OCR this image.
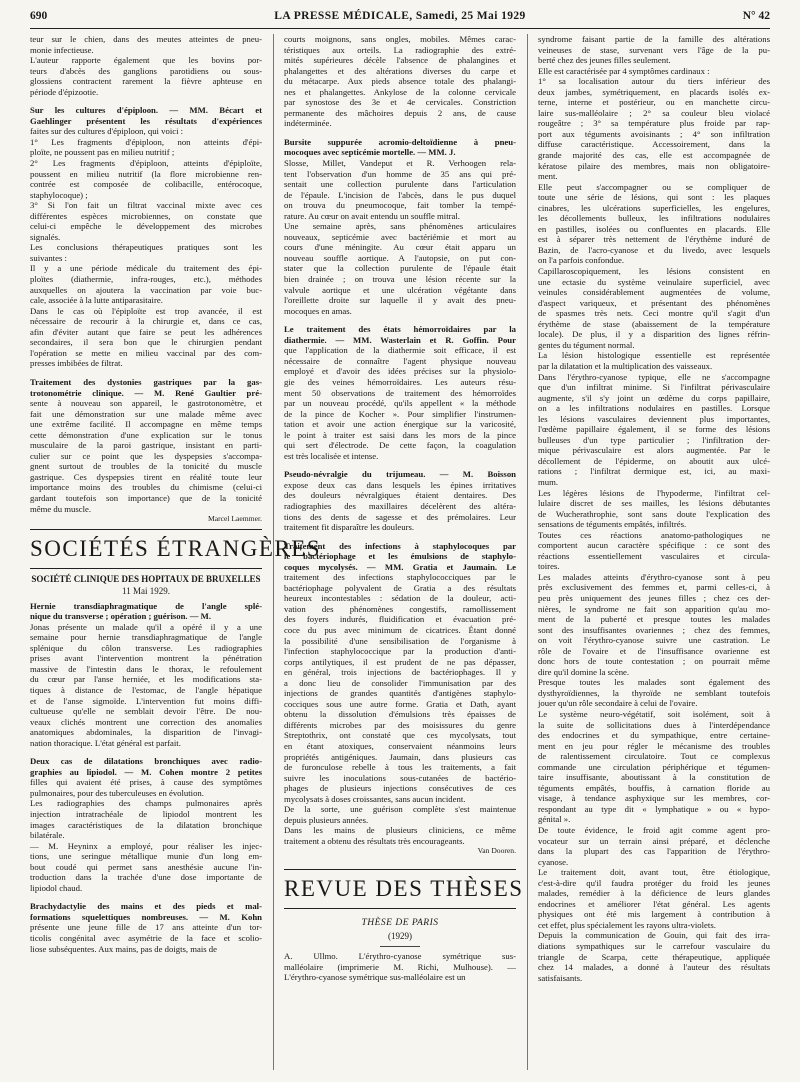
690	LA PRESSE MÉDICALE, Samedi, 25 Mai 1929	N° 42
teur sur le chien, dans des meutes atteintes de pneu-
monie infectieuse.
L'auteur rapporte également que les bovins por-
teurs d'abcès des ganglions parotidiens ou sous-
glossiens contractent rarement la fièvre aphteuse en
période d'épizootie.
Sur les cultures d'épiploon. — MM. Bécart et
Gaehlinger présentent les résultats d'expériences
faites sur des cultures d'épiploon, qui voici :
1° Les fragments d'épiploon, non atteints d'épi-
ploïte, ne poussent pas en milieu nutritif ;
2° Les fragments d'épiploon, atteints d'épiploïte,
poussent en milieu nutritif (la flore microbienne ren-
contrée est composée de colibacille, entérocoque,
staphylocoque) ;
3° Si l'on fait un filtrat vaccinal mixte avec ces
différentes espèces microbiennes, on constate que
celui-ci empêche le développement des microbes
signalés.
Les conclusions thérapeutiques pratiques sont les
suivantes :
Il y a une période médicale du traitement des épi-
ploïtes (diathermie, infra-rouges, etc.), méthodes
auxquelles on ajoutera la vaccination par voie buc-
cale, associée à la lutte antiparasitaire.
Dans le cas où l'épiploïte est trop avancée, il est
nécessaire de recourir à la chirurgie et, dans ce cas,
afin d'éviter autant que faire se peut les adhérences
secondaires, il sera bon que le chirurgien pendant
l'opération se mette en milieu vaccinal par des com-
presses imbibées de filtrat.
Traitement des dystonies gastriques par la gas-
trotonométrie clinique. — M. René Gaultier pré-
sente à nouveau son appareil, le gastrotonomètre, et
fait une démonstration sur une malade même avec
une extrême facilité. Il accompagne en même temps
cette démonstration d'une explication sur le tonus
musculaire de la paroi gastrique, insistant en parti-
culier sur ce point que les dyspepsies s'accompa-
gnent surtout de troubles de la tonicité du muscle
gastrique. Ces dyspepsies tirent en réalité toute leur
importance moins des troubles du chimisme (celui-ci
gardant toutefois son importance) que de la tonicité
même du muscle.
Marcel Laemmer.
SOCIÉTÉS ÉTRANGÈRES
SOCIÉTÉ CLINIQUE DES HOPITAUX DE BRUXELLES
11 Mai 1929.
Hernie transdiaphragmatique de l'angle splé-
nique du transverse ; opération ; guérison. — M.
Jonas présente un malade qu'il a opéré il y a une
semaine pour hernie transdiaphragmatique de l'angle
splénique du côlon transverse. Les radiographies
prises avant l'intervention montrent la pénétration
massive de l'intestin dans le thorax, le refoulement
du cœur par l'anse herniée, et les modifications sta-
tiques à distance de l'estomac, de l'angle hépatique
et de l'anse sigmoïde. L'intervention fut moins diffi-
cultueuse qu'elle ne semblait devoir l'être. De nou-
veaux clichés montrent une correction des anomalies
anatomiques abdominales, la disparition de l'invagi-
nation thoracique. L'état général est parfait.
Deux cas de dilatations bronchiques avec radio-
graphies au lipiodol. — M. Cohen montre 2 petites
filles qui avaient été prises, à cause des symptômes
pulmonaires, pour des tuberculeuses en évolution.
Les radiographies des champs pulmonaires après
injection intratrachéale de lipiodol montrent les
images caractéristiques de la dilatation bronchique
bilatérale.
— M. Heyninx a employé, pour réaliser les injec-
tions, une seringue métallique munie d'un long em-
bout coudé qui permet sans anesthésie aucune l'in-
troduction dans la trachée d'une dose importante de
lipiodol chaud.
Brachydactylie des mains et des pieds et mal-
formations squelettiques nombreuses. — M. Kohn
présente une jeune fille de 17 ans atteinte d'un tor-
ticolis congénital avec asymétrie de la face et scolio-
liose subséquentes. Aux mains, pas de doigts, mais de
courts moignons, sans ongles, mobiles. Mêmes carac-
téristiques aux orteils. La radiographie des extré-
mités supérieures décèle l'absence de phalangines et
phalangettes et des altérations diverses du carpe et
du métacarpe. Aux pieds absence totale des phalangi-
nes et phalangettes. Ankylose de la colonne cervicale
par synostose des 3e et 4e cervicales. Constriction
permanente des mâchoires depuis 2 ans, de cause
indéterminée.
Bursite suppurée acromio-deltoïdienne à pneu-
mocoques avec septicémie mortelle. — MM. J.
Slosse, Millet, Vandeput et R. Verhoogen rela-
tent l'observation d'un homme de 35 ans qui pré-
sentait une collection purulente dans l'articulation
de l'épaule. L'incision de l'abcès, dans le pus duquel
on trouva du pneumocoque, fait tomber la tempé-
rature. Au cœur on avait entendu un souffle mitral.
Une semaine après, sans phénomènes articulaires
nouveaux, septicémie avec bactériémie et mort au
cours d'une méningite. Au cœur était apparu un
nouveau souffle aortique. A l'autopsie, on put con-
stater que la collection purulente de l'épaule était
bien drainée ; on trouva une lésion récente sur la
valvule aortique et une ulcération végétante dans
l'oreillette droite sur laquelle il y avait des pneu-
mocoques en amas.
Le traitement des états hémorroïdaires par la
diathermie. — MM. Wasterlain et R. Goffin. Pour
que l'application de la diathermie soit efficace, il est
nécessaire de connaître l'agent physique nouveau
employé et d'avoir des idées précises sur la physiolo-
gie des veines hémorroïdaires. Les auteurs résu-
ment 50 observations de traitement des hémorroïdes
par un nouveau procédé, qu'ils appellent « la méthode
de la pince de Kocher ». Pour simplifier l'instrumen-
tation et avoir une action énergique sur la varicosité,
le point à traiter est saisi dans les mors de la pince
qui sert d'électrode. De cette façon, la coagulation
est très localisée et intense.
Pseudo-névralgie du trijumeau. — M. Boisson
expose deux cas dans lesquels les épines irritatives
des douleurs névralgiques étaient dentaires. Des
radiographies des maxillaires décelèrent des altéra-
tions des dents de sagesse et des prémolaires. Leur
traitement fit disparaître les douleurs.
Traitement des infections à staphylocoques par
le bactériophage et les émulsions de staphylo-
coques mycolysés. — MM. Gratia et Jaumain. Le
traitement des infections staphylococciques par le
bactériophage polyvalent de Gratia a des résultats
heureux incontestables : sédation de la douleur, acti-
vation des phénomènes congestifs, ramollissement
des foyers indurés, fluidification et évacuation pré-
coce du pus avec minimum de cicatrices. Étant donné
la possibilité d'une sensibilisation de l'organisme à
l'infection staphylococcique par la production d'anti-
corps antilytiques, il est prudent de ne pas dépasser,
en général, trois injections de bactériophages. Il y
a donc lieu de consolider l'immunisation par des
injections de grandes quantités d'antigènes staphylo-
cocciques sous une autre forme. Gratia et Dath, ayant
obtenu la dissolution d'émulsions très épaisses de
différents microbes par des moisissures du genre
Streptothrix, ont constaté que ces mycolysats, tout
en étant atoxiques, conservaient néanmoins leurs
propriétés antigéniques. Jaumain, dans plusieurs cas
de furonculose rebelle à tous les traitements, a fait
suivre les inoculations sous-cutanées de bactério-
phages de plusieurs injections consécutives de ces
mycolysats à doses croissantes, sans aucun incident.
De la sorte, une guérison complète s'est maintenue
depuis plusieurs années.
Dans les mains de plusieurs cliniciens, ce même
traitement a obtenu des résultats très encourageants.
Van Dooren.
REVUE DES THÈSES
THÈSE DE PARIS
(1929)
A. Ullmo. L'érythro-cyanose symétrique sus-
malléolaire (imprimerie M. Richi, Mulhouse). —
L'érythro-cyanose symétrique sus-malléolaire est un
syndrome faisant partie de la famille des altérations
veineuses de stase, survenant vers l'âge de la pu-
berté chez des jeunes filles seulement.
Elle est caractérisée par 4 symptômes cardinaux :
1° sa localisation autour du tiers inférieur des
deux jambes, symétriquement, en placards isolés ex-
terne, interne et postérieur, ou en manchette circu-
laire sus-malléolaire ; 2° sa couleur bleu violacé
rougeâtre ; 3° sa température plus froide par rap-
port aux téguments avoisinants ; 4° son infiltration
diffuse caractéristique. Accessoirement, dans la
grande majorité des cas, elle est accompagnée de
kératose pilaire des membres, mais non obligatoire-
ment.
Elle peut s'accompagner ou se compliquer de
toute une série de lésions, qui sont : les plaques
cinabres, les ulcérations superficielles, les engelures,
les décollements bulleux, les infiltrations nodulaires
en pastilles, isolées ou confluentes en placards. Elle
est à séparer très nettement de l'érythème induré de
Bazin, de l'acro-cyanose et du livedo, avec lesquels
on l'a parfois confondue.
Capillaroscopiquement, les lésions consistent en
une ectasie du système veinulaire superficiel, avec
veinules considérablement augmentées de volume,
d'aspect variqueux, et présentant des phénomènes
de spasmes très nets. Ceci montre qu'il s'agit d'un
érythème de stase (abaissement de la température
locale). De plus, il y a disparition des lignes réfrin-
gentes du tégument normal.
La lésion histologique essentielle est représentée
par la dilatation et la multiplication des vaisseaux.
Dans l'érythro-cyanose typique, elle ne s'accompagne
que d'un infiltrat minime. Si l'infiltrat périvasculaire
augmente, s'il s'y joint un œdème du corps papillaire,
on a les infiltrations nodulaires en pastilles. Lorsque
les lésions vasculaires deviennent plus importantes,
l'œdème papillaire également, il se forme des lésions
bulleuses d'un type particulier ; l'infiltration der-
mique périvasculaire est alors augmentée. Par le
décollement de l'épiderme, on aboutit aux ulcé-
rations ; l'infiltrat dermique est, ici, au maxi-
mum.
Les légères lésions de l'hypoderme, l'infiltrat cel-
lulaire discret de ses mailles, les lésions débutantes
de Wucherathrophie, sont sans doute l'explication des
sensations de téguments empâtés, infiltrés.
Toutes ces réactions anatomo-pathologiques ne
comportent aucun caractère spécifique : ce sont des
réactions essentiellement vasculaires et circula-
toires.
Les malades atteints d'érythro-cyanose sont à peu
près exclusivement des femmes et, parmi celles-ci, à
peu près uniquement des jeunes filles ; chez ces der-
nières, le syndrome ne fait son apparition qu'au mo-
ment de la puberté et presque toutes les malades
sont des insuffisantes ovariennes ; chez des femmes,
on voit l'érythro-cyanose suivre une castration. Le
rôle de l'ovaire et de l'insuffisance ovarienne est
donc hors de toute contestation ; on pourrait même
dire qu'il domine la scène.
Presque toutes les malades sont également des
dysthyroïdiennes, la thyroïde ne semblant toutefois
jouer qu'un rôle secondaire à celui de l'ovaire.
Le système neuro-végétatif, soit isolément, soit à
la suite de sollicitations dues à l'interdépendance
des endocrines et du sympathique, entre certaine-
ment en jeu pour régler le mécanisme des troubles
de ralentissement circulatoire. Tout ce complexus
commande une circulation périphérique et tégumen-
taire insuffisante, aboutissant à la constitution de
téguments empâtés, bouffis, à carnation floride au
visage, à tendance asphyxique sur les membres, cor-
respondant au type dit « lymphatique » ou « hypo-
génital ».
De toute évidence, le froid agit comme agent pro-
vocateur sur un terrain ainsi préparé, et déclenche
dans la plupart des cas l'apparition de l'érythro-
cyanose.
Le traitement doit, avant tout, être étiologique,
c'est-à-dire qu'il faudra protéger du froid les jeunes
malades, remédier à la déficience de leurs glandes
endocrines et améliorer l'état général. Les agents
physiques ont été mis largement à contribution à
cet effet, plus spécialement les rayons ultra-violets.
Depuis la communication de Gouin, qui fait des irra-
diations sympathiques sur le carrefour vasculaire du
triangle de Scarpa, cette thérapeutique, appliquée
chez 14 malades, a donné à l'auteur des résultats
satisfaisants.
